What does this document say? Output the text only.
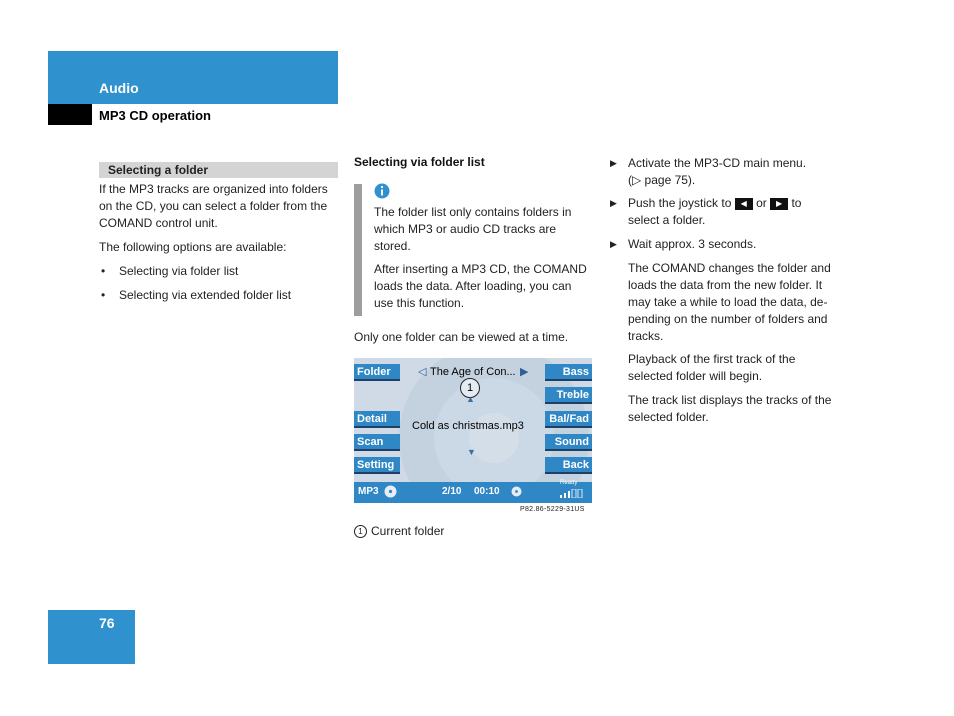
Audio
MP3 CD operation
Selecting a folder
If the MP3 tracks are organized into folders
on the CD, you can select a folder from the
COMAND control unit.
The following options are available:
• Selecting via folder list
• Selecting via extended folder list
76
Selecting via folder list
The folder list only contains folders in
which MP3 or audio CD tracks are
stored.
After inserting a MP3 CD, the COMAND
loads the data. After loading, you can
use this function.
Only one folder can be viewed at a time.
Folder
Detail
Scan
Setting
Bass
Treble
Bal/Fad
Sound
Back
◁ The Age of Con... ▶
1
▲
Cold as christmas.mp3
▼
MP3	2/10 00:10
Ready
P82.86-5229-31US
1 Current folder
▶ Activate the MP3-CD main menu.
(▷ page 75).
▶ Push the joystick to ◀ or ▶ to
select a folder.
▶ Wait approx. 3 seconds.
The COMAND changes the folder and
loads the data from the new folder. It
may take a while to load the data, de-
pending on the number of folders and
tracks.
Playback of the first track of the
selected folder will begin.
The track list displays the tracks of the
selected folder.
